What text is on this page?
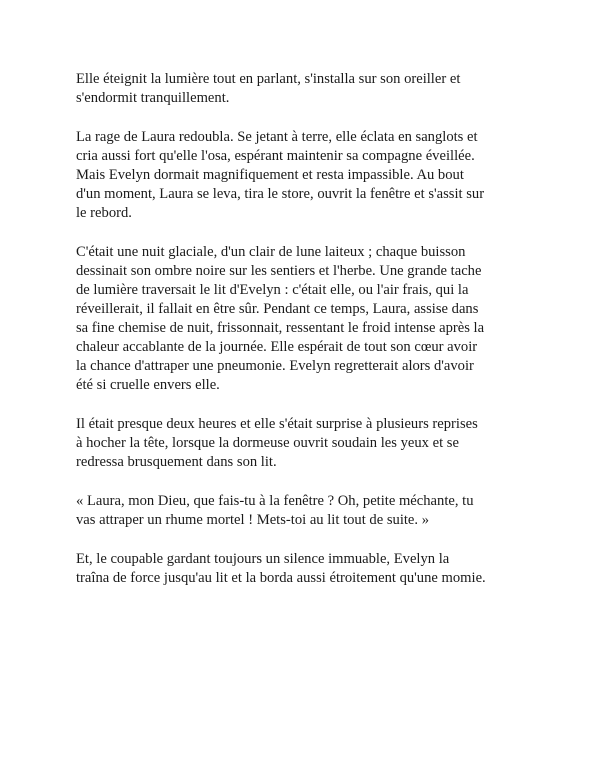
Elle éteignit la lumière tout en parlant, s'installa sur son oreiller et s'endormit tranquillement.

La rage de Laura redoubla. Se jetant à terre, elle éclata en sanglots et cria aussi fort qu'elle l'osa, espérant maintenir sa compagne éveillée. Mais Evelyn dormait magnifiquement et resta impassible. Au bout d'un moment, Laura se leva, tira le store, ouvrit la fenêtre et s'assit sur le rebord.

C'était une nuit glaciale, d'un clair de lune laiteux ; chaque buisson dessinait son ombre noire sur les sentiers et l'herbe. Une grande tache de lumière traversait le lit d'Evelyn : c'était elle, ou l'air frais, qui la réveillerait, il fallait en être sûr. Pendant ce temps, Laura, assise dans sa fine chemise de nuit, frissonnait, ressentant le froid intense après la chaleur accablante de la journée. Elle espérait de tout son cœur avoir la chance d'attraper une pneumonie. Evelyn regretterait alors d'avoir été si cruelle envers elle.

Il était presque deux heures et elle s'était surprise à plusieurs reprises à hocher la tête, lorsque la dormeuse ouvrit soudain les yeux et se redressa brusquement dans son lit.

« Laura, mon Dieu, que fais-tu à la fenêtre ? Oh, petite méchante, tu vas attraper un rhume mortel ! Mets-toi au lit tout de suite. »

Et, le coupable gardant toujours un silence immuable, Evelyn la traîna de force jusqu'au lit et la borda aussi étroitement qu'une momie.
